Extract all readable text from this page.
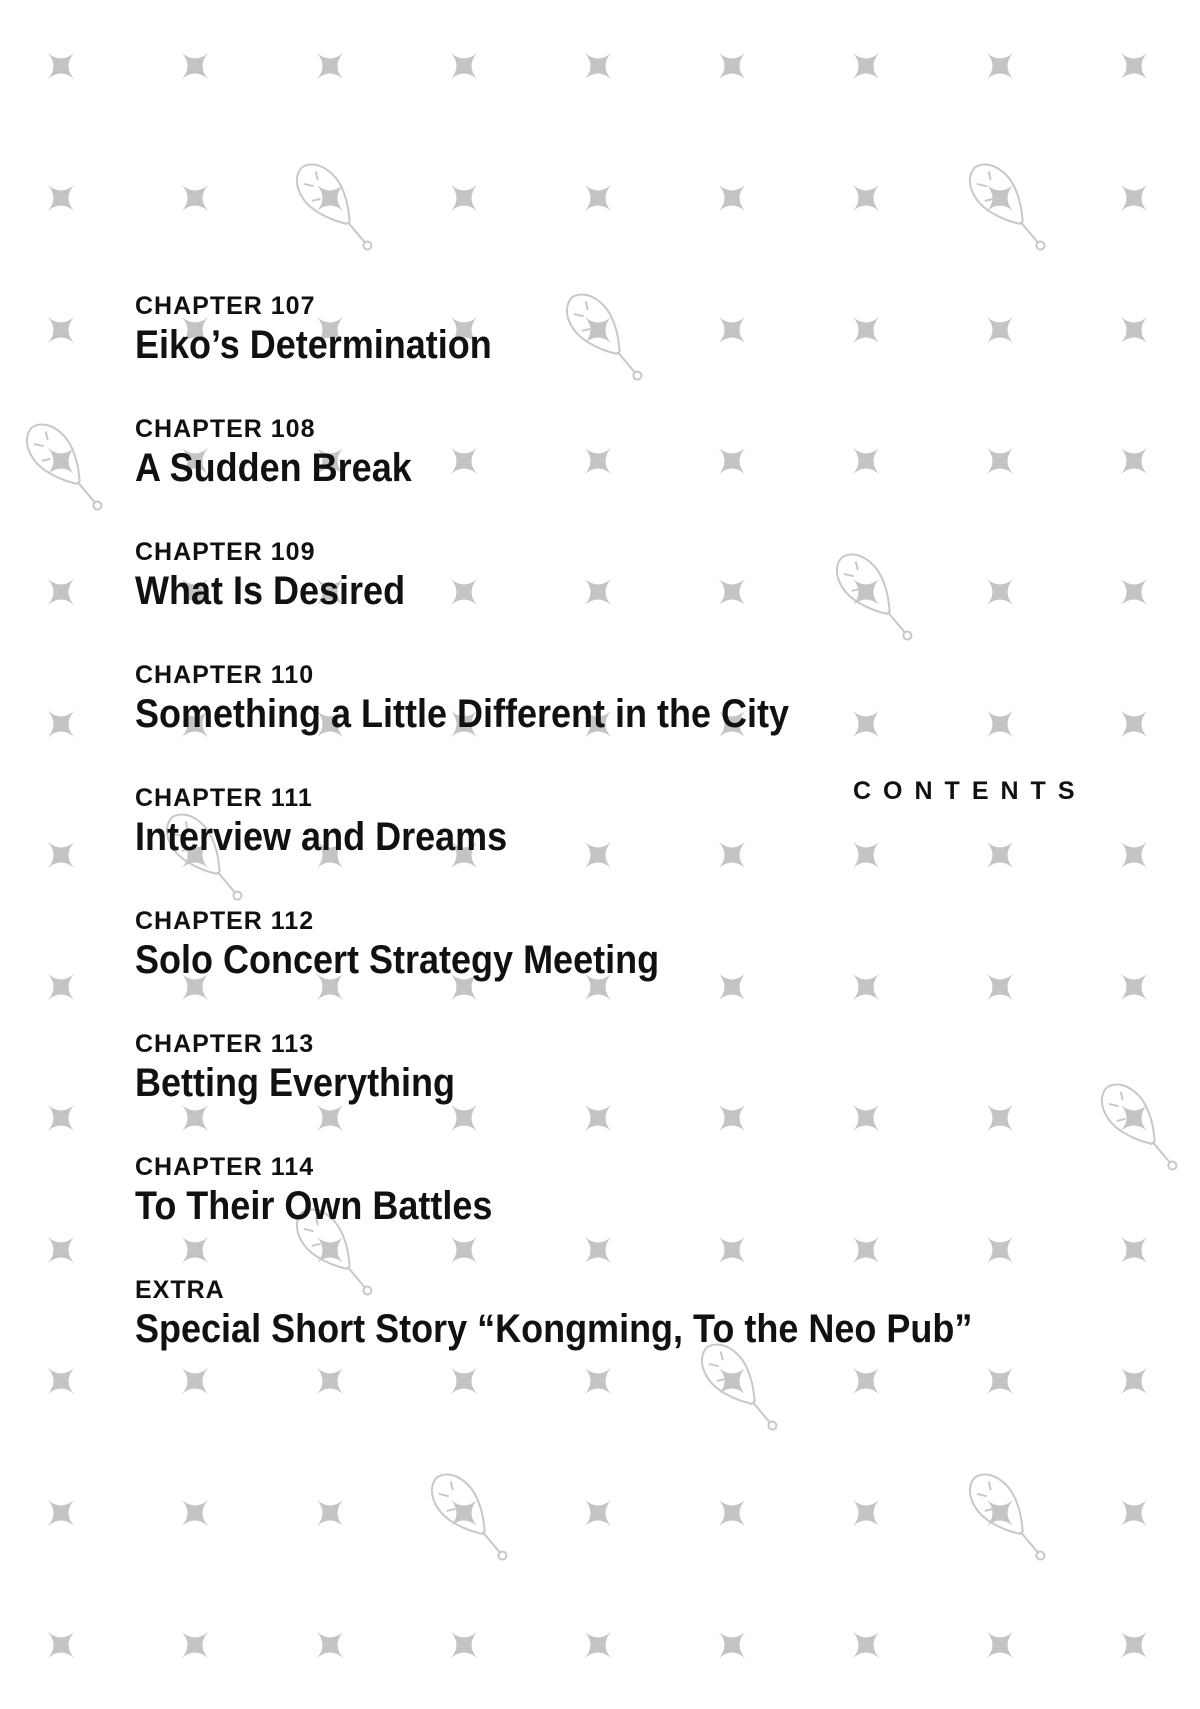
CONTENTS
CHAPTER 107
Eiko’s Determination
CHAPTER 108
A Sudden Break
CHAPTER 109
What Is Desired
CHAPTER 110
Something a Little Different in the City
CHAPTER 111
Interview and Dreams
CHAPTER 112
Solo Concert Strategy Meeting
CHAPTER 113
Betting Everything
CHAPTER 114
To Their Own Battles
EXTRA
Special Short Story “Kongming, To the Neo Pub”
